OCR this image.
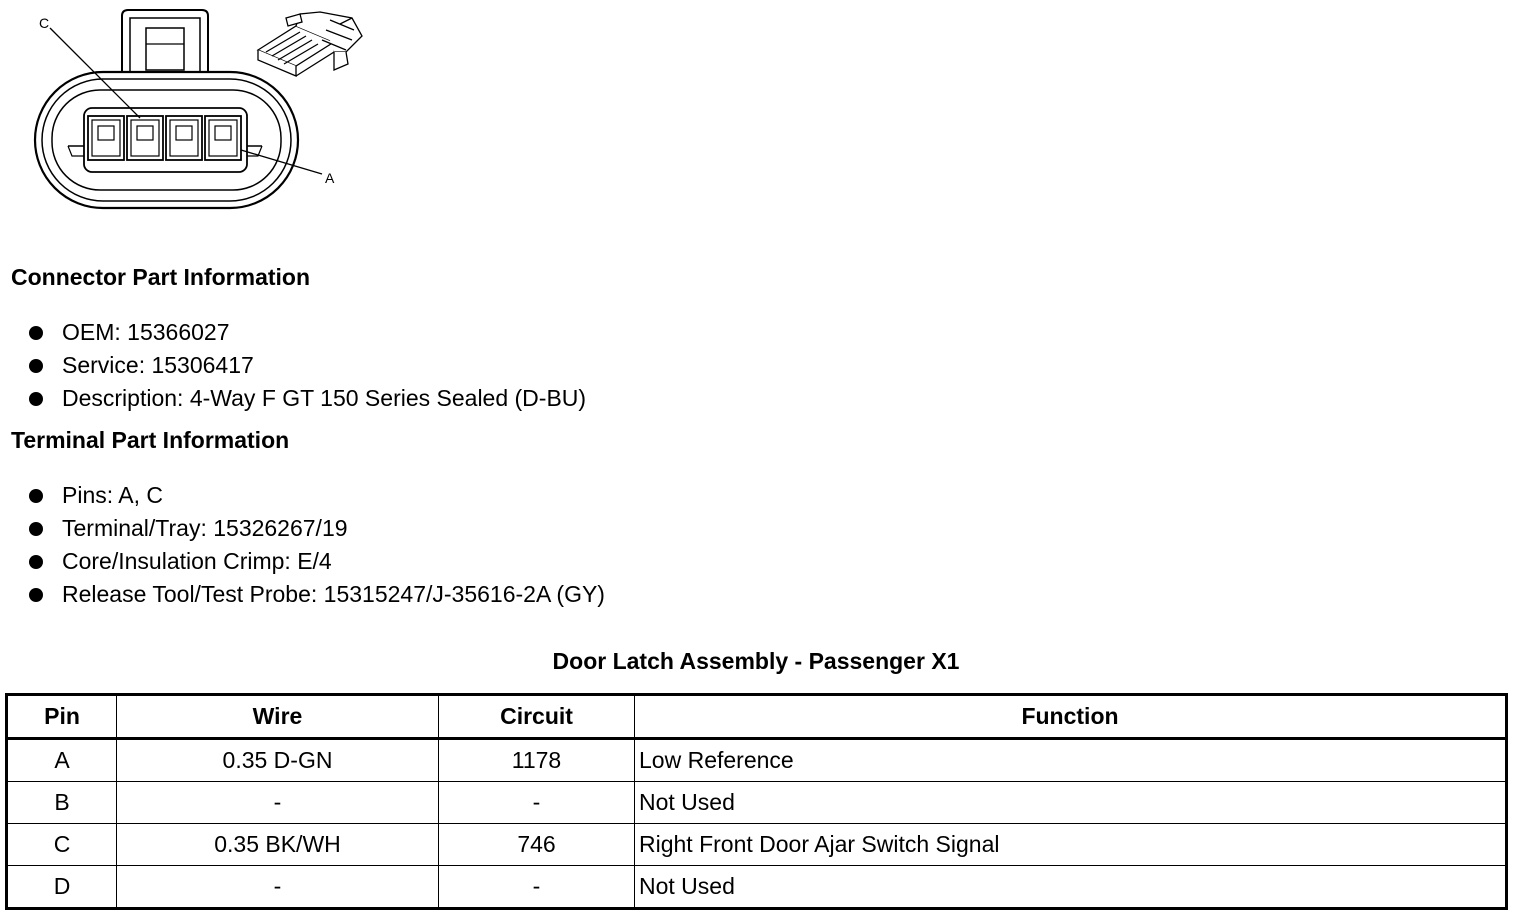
C
A
Connector Part Information
OEM: 15366027
Service: 15306417
Description: 4-Way F GT 150 Series Sealed (D-BU)
Terminal Part Information
Pins: A, C
Terminal/Tray: 15326267/19
Core/Insulation Crimp: E/4
Release Tool/Test Probe: 15315247/J-35616-2A (GY)
Door Latch Assembly - Passenger X1
Pin	Wire	Circuit	Function
A	0.35 D-GN	1178	Low Reference
B	-	-	Not Used
C	0.35 BK/WH	746	Right Front Door Ajar Switch Signal
D	-	-	Not Used
